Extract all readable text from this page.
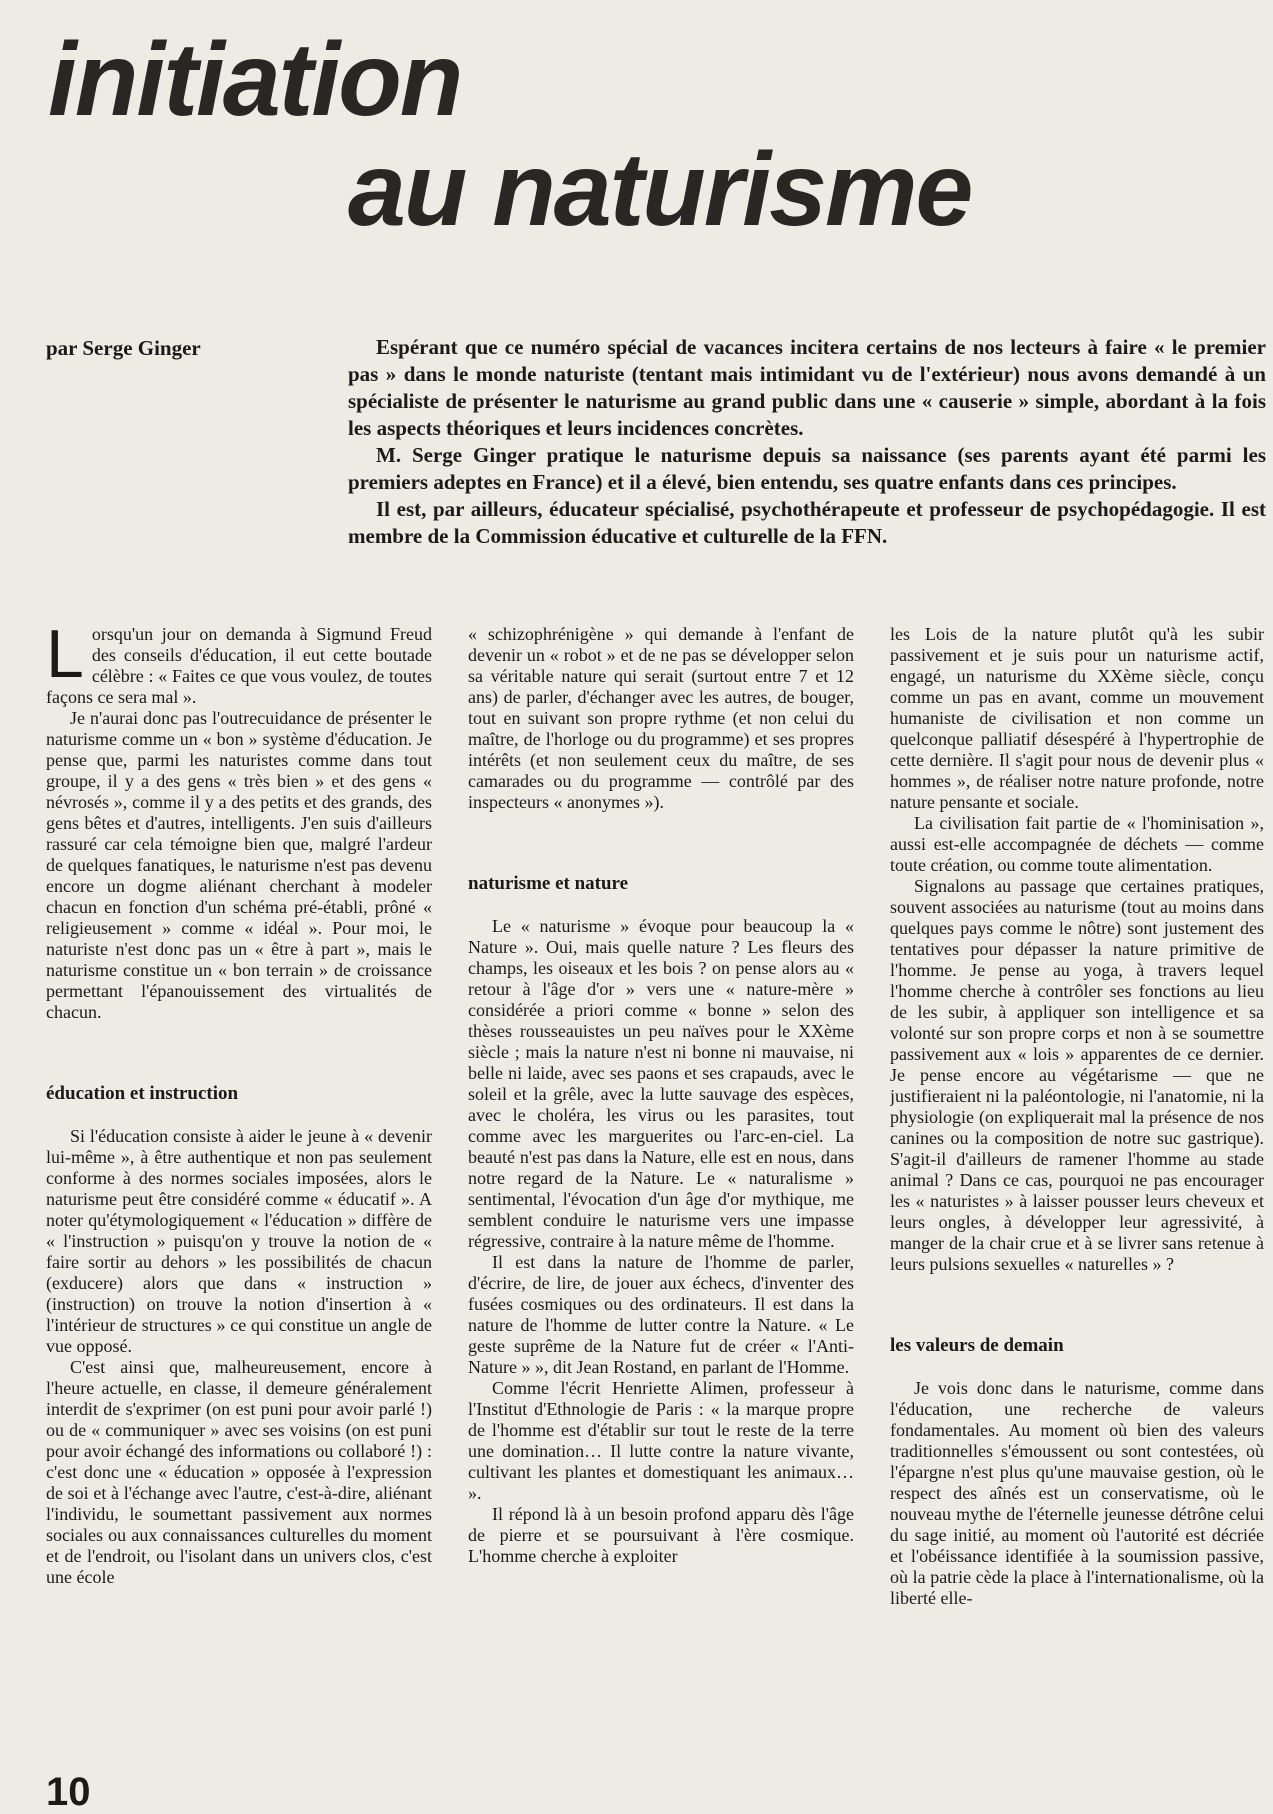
initiation
au naturisme

par Serge Ginger	Espérant que ce numéro spécial de vacances incitera certains de nos lecteurs à faire « le premier pas » dans le monde naturiste (tentant mais intimidant vu de l'extérieur) nous avons demandé à un spécialiste de présenter le naturisme au grand public dans une « causerie » simple, abordant à la fois les aspects théoriques et leurs incidences concrètes.

M. Serge Ginger pratique le naturisme depuis sa naissance (ses parents ayant été parmi les premiers adeptes en France) et il a élevé, bien entendu, ses quatre enfants dans ces principes.

Il est, par ailleurs, éducateur spécialisé, psychothérapeute et professeur de psychopédagogie. Il est membre de la Commission éducative et culturelle de la FFN.

Lorsqu'un jour on demanda à Sigmund Freud des conseils d'éducation, il eut cette boutade célèbre : « Faites ce que vous voulez, de toutes façons ce sera mal ».

Je n'aurai donc pas l'outrecuidance de présenter le naturisme comme un « bon » système d'éducation. Je pense que, parmi les naturistes comme dans tout groupe, il y a des gens « très bien » et des gens « névrosés », comme il y a des petits et des grands, des gens bêtes et d'autres, intelligents. J'en suis d'ailleurs rassuré car cela témoigne bien que, malgré l'ardeur de quelques fanatiques, le naturisme n'est pas devenu encore un dogme aliénant cherchant à modeler chacun en fonction d'un schéma pré-établi, prôné « religieusement » comme « idéal ». Pour moi, le naturiste n'est donc pas un « être à part », mais le naturisme constitue un « bon terrain » de croissance permettant l'épanouissement des virtualités de chacun.

éducation et instruction

Si l'éducation consiste à aider le jeune à « devenir lui-même », à être authentique et non pas seulement conforme à des normes sociales imposées, alors le naturisme peut être considéré comme « éducatif ». A noter qu'étymologiquement « l'éducation » diffère de « l'instruction » puisqu'on y trouve la notion de « faire sortir au dehors » les possibilités de chacun (exducere) alors que dans « instruction » (instruction) on trouve la notion d'insertion à « l'intérieur de structures » ce qui constitue un angle de vue opposé.

C'est ainsi que, malheureusement, encore à l'heure actuelle, en classe, il demeure généralement interdit de s'exprimer (on est puni pour avoir parlé !) ou de « communiquer » avec ses voisins (on est puni pour avoir échangé des informations ou collaboré !) : c'est donc une « éducation » opposée à l'expression de soi et à l'échange avec l'autre, c'est-à-dire, aliénant l'individu, le soumettant passivement aux normes sociales ou aux connaissances culturelles du moment et de l'endroit, ou l'isolant dans un univers clos, c'est une école

« schizophrénigène » qui demande à l'enfant de devenir un « robot » et de ne pas se développer selon sa véritable nature qui serait (surtout entre 7 et 12 ans) de parler, d'échanger avec les autres, de bouger, tout en suivant son propre rythme (et non celui du maître, de l'horloge ou du programme) et ses propres intérêts (et non seulement ceux du maître, de ses camarades ou du programme — contrôlé par des inspecteurs « anonymes »).

naturisme et nature

Le « naturisme » évoque pour beaucoup la « Nature ». Oui, mais quelle nature ? Les fleurs des champs, les oiseaux et les bois ? on pense alors au « retour à l'âge d'or » vers une « nature-mère » considérée a priori comme « bonne » selon des thèses rousseauistes un peu naïves pour le XXème siècle ; mais la nature n'est ni bonne ni mauvaise, ni belle ni laide, avec ses paons et ses crapauds, avec le soleil et la grêle, avec la lutte sauvage des espèces, avec le choléra, les virus ou les parasites, tout comme avec les marguerites ou l'arc-en-ciel. La beauté n'est pas dans la Nature, elle est en nous, dans notre regard de la Nature. Le « naturalisme » sentimental, l'évocation d'un âge d'or mythique, me semblent conduire le naturisme vers une impasse régressive, contraire à la nature même de l'homme.

Il est dans la nature de l'homme de parler, d'écrire, de lire, de jouer aux échecs, d'inventer des fusées cosmiques ou des ordinateurs. Il est dans la nature de l'homme de lutter contre la Nature. « Le geste suprême de la Nature fut de créer « l'Anti-Nature » », dit Jean Rostand, en parlant de l'Homme.

Comme l'écrit Henriette Alimen, professeur à l'Institut d'Ethnologie de Paris : « la marque propre de l'homme est d'établir sur tout le reste de la terre une domination… Il lutte contre la nature vivante, cultivant les plantes et domestiquant les animaux… ».

Il répond là à un besoin profond apparu dès l'âge de pierre et se poursuivant à l'ère cosmique. L'homme cherche à exploiter

les Lois de la nature plutôt qu'à les subir passivement et je suis pour un naturisme actif, engagé, un naturisme du XXème siècle, conçu comme un pas en avant, comme un mouvement humaniste de civilisation et non comme un quelconque palliatif désespéré à l'hypertrophie de cette dernière. Il s'agit pour nous de devenir plus « hommes », de réaliser notre nature profonde, notre nature pensante et sociale.

La civilisation fait partie de « l'hominisation », aussi est-elle accompagnée de déchets — comme toute création, ou comme toute alimentation.

Signalons au passage que certaines pratiques, souvent associées au naturisme (tout au moins dans quelques pays comme le nôtre) sont justement des tentatives pour dépasser la nature primitive de l'homme. Je pense au yoga, à travers lequel l'homme cherche à contrôler ses fonctions au lieu de les subir, à appliquer son intelligence et sa volonté sur son propre corps et non à se soumettre passivement aux « lois » apparentes de ce dernier. Je pense encore au végétarisme — que ne justifieraient ni la paléontologie, ni l'anatomie, ni la physiologie (on expliquerait mal la présence de nos canines ou la composition de notre suc gastrique). S'agit-il d'ailleurs de ramener l'homme au stade animal ? Dans ce cas, pourquoi ne pas encourager les « naturistes » à laisser pousser leurs cheveux et leurs ongles, à développer leur agressivité, à manger de la chair crue et à se livrer sans retenue à leurs pulsions sexuelles « naturelles » ?

les valeurs de demain

Je vois donc dans le naturisme, comme dans l'éducation, une recherche de valeurs fondamentales. Au moment où bien des valeurs traditionnelles s'émoussent ou sont contestées, où l'épargne n'est plus qu'une mauvaise gestion, où le respect des aînés est un conservatisme, où le nouveau mythe de l'éternelle jeunesse détrône celui du sage initié, au moment où l'autorité est décriée et l'obéissance identifiée à la soumission passive, où la patrie cède la place à l'internationalisme, où la liberté elle-

10
